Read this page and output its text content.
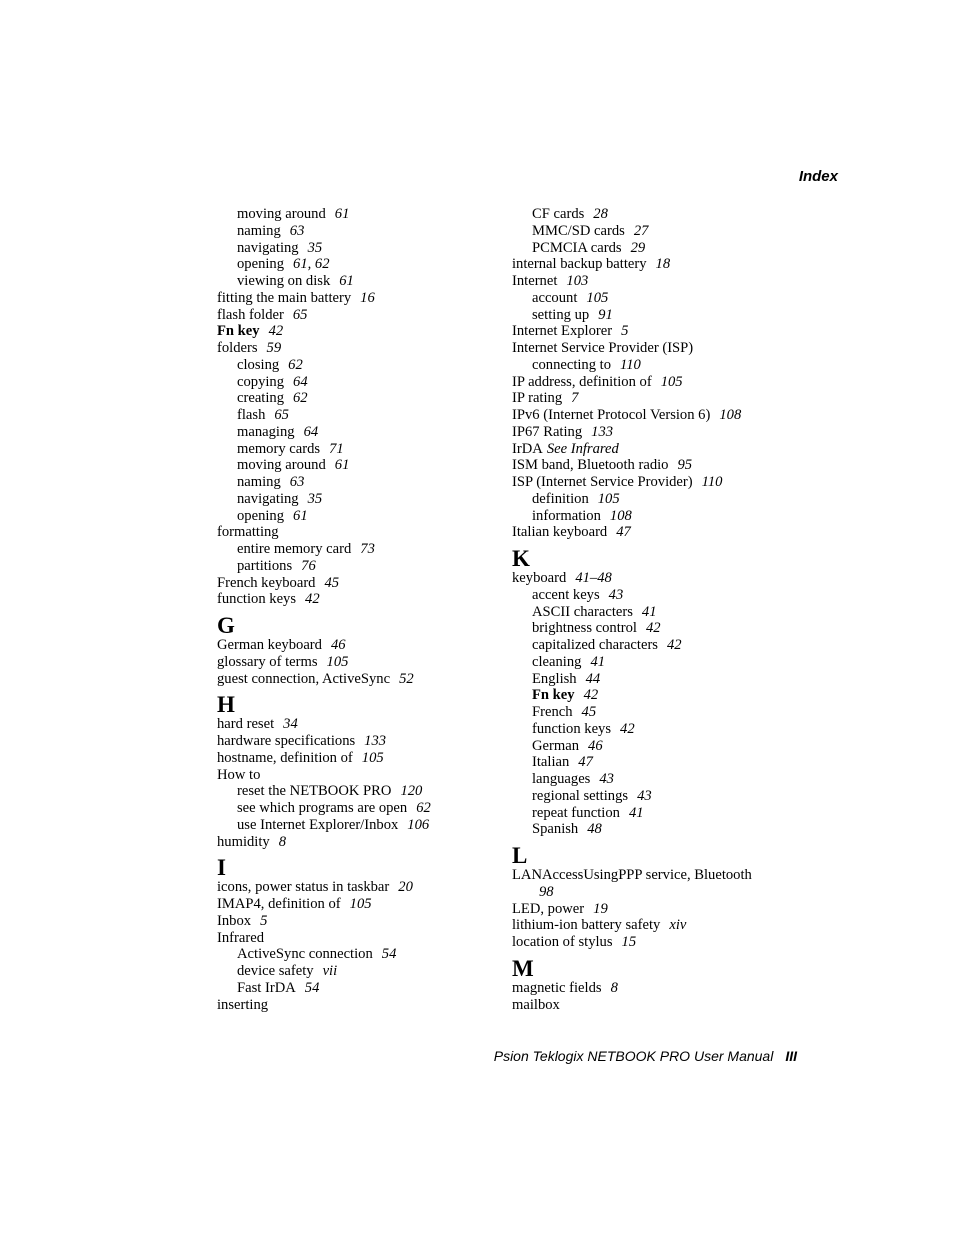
Index
moving around 61
naming 63
navigating 35
opening 61, 62
viewing on disk 61
fitting the main battery 16
flash folder 65
Fn key 42
folders 59
closing 62
copying 64
creating 62
flash 65
managing 64
memory cards 71
moving around 61
naming 63
navigating 35
opening 61
formatting
entire memory card 73
partitions 76
French keyboard 45
function keys 42
G
German keyboard 46
glossary of terms 105
guest connection, ActiveSync 52
H
hard reset 34
hardware specifications 133
hostname, definition of 105
How to
reset the NETBOOK PRO 120
see which programs are open 62
use Internet Explorer/Inbox 106
humidity 8
I
icons, power status in taskbar 20
IMAP4, definition of 105
Inbox 5
Infrared
ActiveSync connection 54
device safety vii
Fast IrDA 54
inserting
CF cards 28
MMC/SD cards 27
PCMCIA cards 29
internal backup battery 18
Internet 103
account 105
setting up 91
Internet Explorer 5
Internet Service Provider (ISP)
connecting to 110
IP address, definition of 105
IP rating 7
IPv6 (Internet Protocol Version 6) 108
IP67 Rating 133
IrDA See Infrared
ISM band, Bluetooth radio 95
ISP (Internet Service Provider) 110
definition 105
information 108
Italian keyboard 47
K
keyboard 41–48
accent keys 43
ASCII characters 41
brightness control 42
capitalized characters 42
cleaning 41
English 44
Fn key 42
French 45
function keys 42
German 46
Italian 47
languages 43
regional settings 43
repeat function 41
Spanish 48
L
LANAccessUsingPPP service, Bluetooth
98
LED, power 19
lithium-ion battery safety xiv
location of stylus 15
M
magnetic fields 8
mailbox
Psion Teklogix NETBOOK PRO User Manual III
